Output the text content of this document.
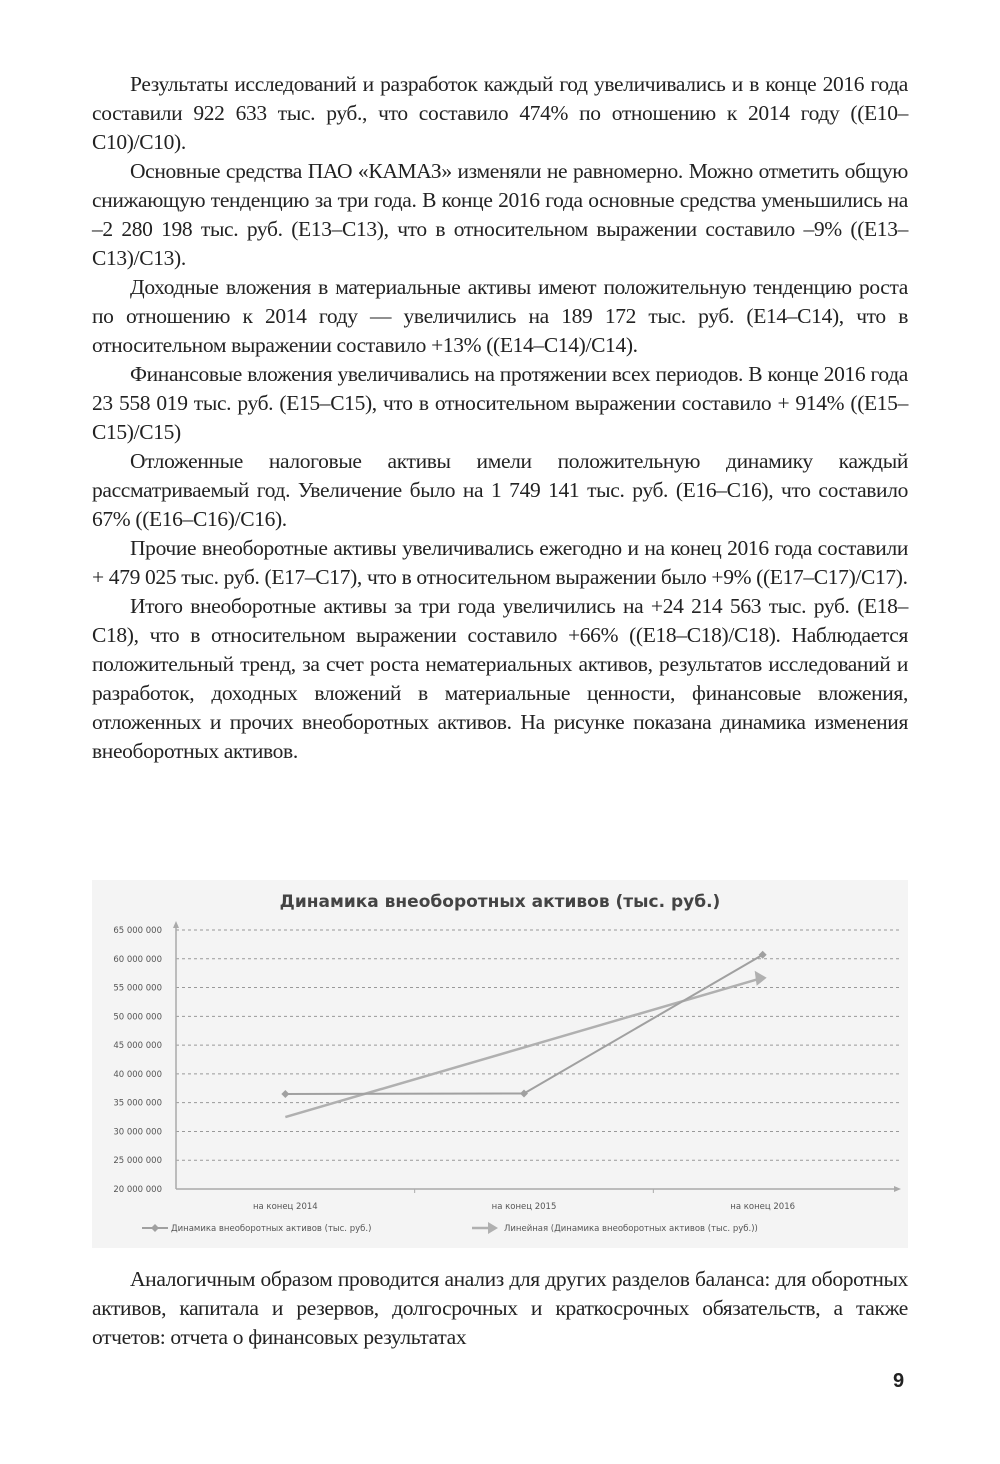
Результаты исследований и разработок каждый год увеличивались и в конце 2016 года составили 922 633 тыс. руб., что составило 474% по отношению к 2014 году ((E10–C10)/C10).

Основные средства ПАО «КАМАЗ» изменяли не равномерно. Можно отметить общую снижающую тенденцию за три года. В конце 2016 года основные средства уменьшились на –2 280 198 тыс. руб. (E13–C13), что в относительном выражении составило –9% ((E13–C13)/C13).

Доходные вложения в материальные активы имеют положительную тенденцию роста по отношению к 2014 году — увеличились на 189 172 тыс. руб. (E14–C14), что в относительном выражении составило +13% ((E14–C14)/C14).

Финансовые вложения увеличивались на протяжении всех периодов. В конце 2016 года 23 558 019 тыс. руб. (E15–C15), что в относительном выражении составило + 914% ((E15–C15)/C15)

Отложенные налоговые активы имели положительную динамику каждый рассматриваемый год. Увеличение было на 1 749 141 тыс. руб. (E16–C16), что составило 67% ((E16–C16)/C16).

Прочие внеоборотные активы увеличивались ежегодно и на конец 2016 года составили + 479 025 тыс. руб. (E17–C17), что в относительном выражении было +9% ((E17–C17)/C17).

Итого внеоборотные активы за три года увеличились на +24 214 563 тыс. руб. (E18–C18), что в относительном выражении составило +66% ((E18–C18)/C18). Наблюдается положительный тренд, за счет роста нематериальных активов, результатов исследований и разработок, доходных вложений в материальные ценности, финансовые вложения, отложенных и прочих внеоборотных активов. На рисунке показана динамика изменения внеоборотных активов.

Динамика внеоборотных активов (тыс. руб.)
20 000 000
25 000 000
30 000 000
35 000 000
40 000 000
45 000 000
50 000 000
55 000 000
60 000 000
65 000 000
на конец 2014	на конец 2015	на конец 2016
Динамика внеоборотных активов (тыс. руб.)	Линейная (Динамика внеоборотных активов (тыс. руб.))

Аналогичным образом проводится анализ для других разделов баланса: для оборотных активов, капитала и резервов, долгосрочных и краткосрочных обязательств, а также отчетов: отчета о финансовых результатах

9
